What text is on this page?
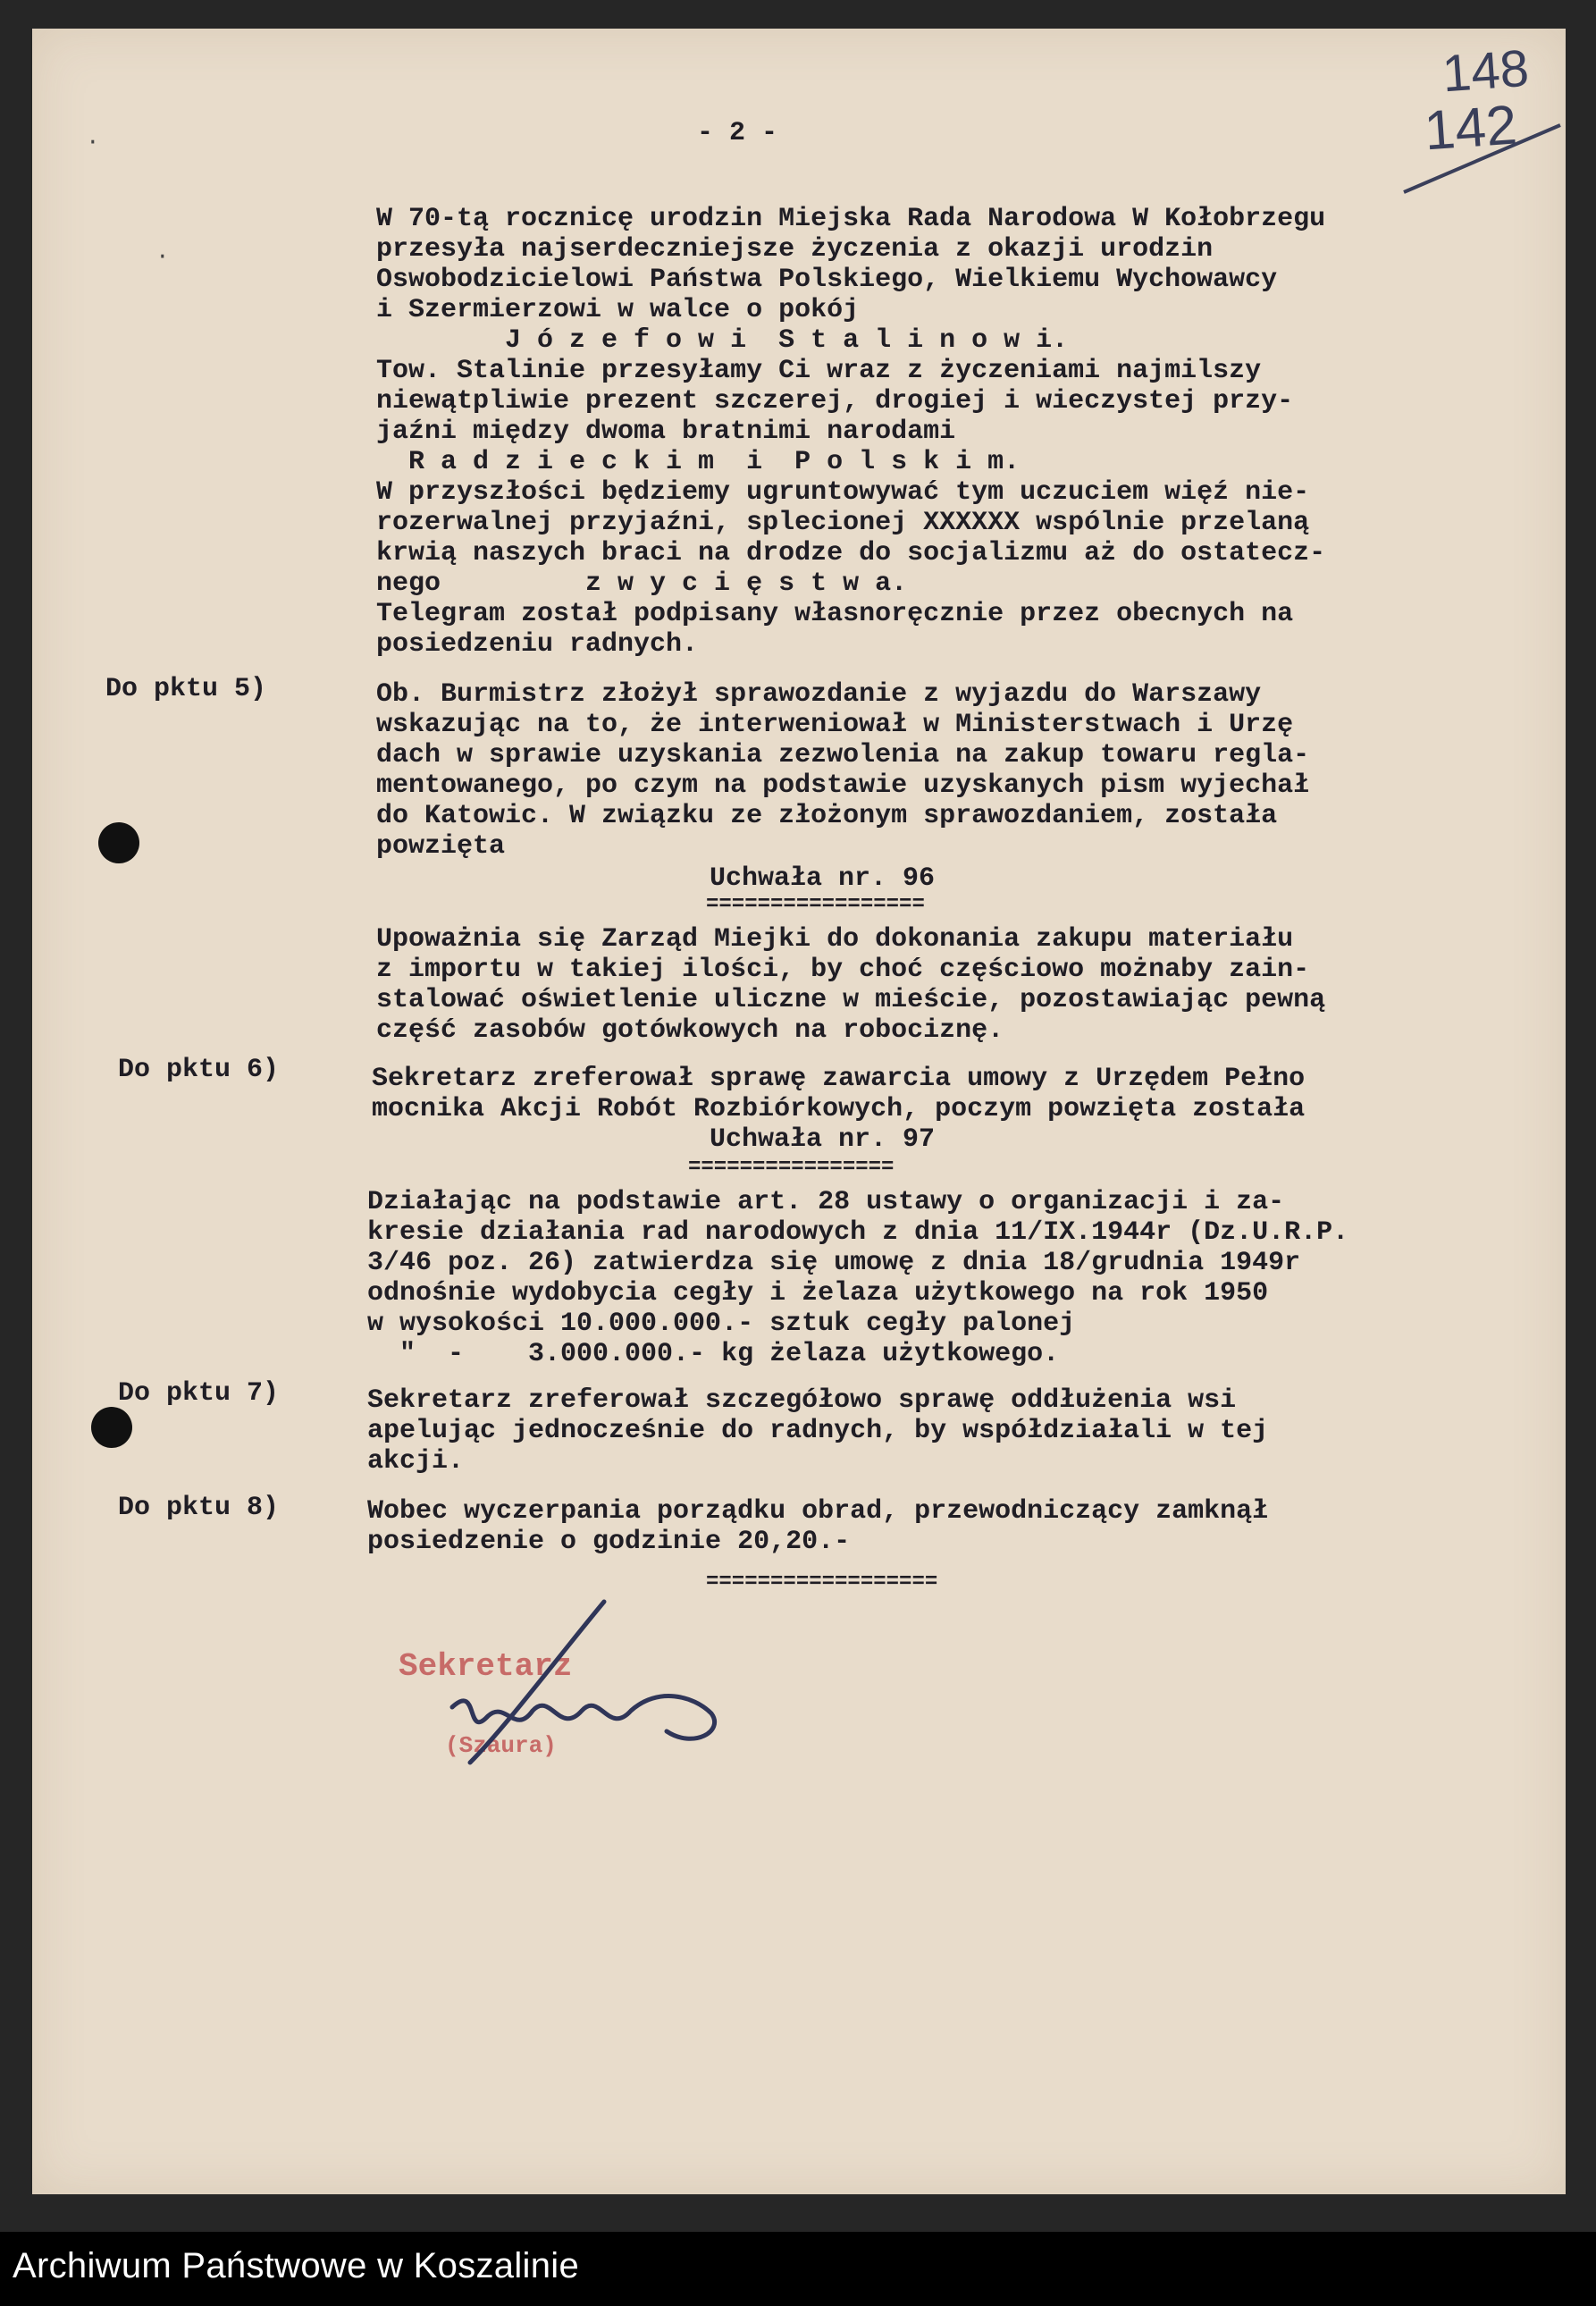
148
142
- 2 -
W 70-tą rocznicę urodzin Miejska Rada Narodowa W Kołobrzegu
przesyła najserdeczniejsze życzenia z okazji urodzin
Oswobodzicielowi Państwa Polskiego, Wielkiemu Wychowawcy
i Szermierzowi w walce o pokój
J ó z e f o w i  S t a l i n o w i.
Tow. Stalinie przesyłamy Ci wraz z życzeniami najmilszy
niewątpliwie prezent szczerej, drogiej i wieczystej przy-
jaźni między dwoma bratnimi narodami
R a d z i e c k i m  i  P o l s k i m.
W przyszłości będziemy ugruntowywać tym uczuciem więź nie-
rozerwalnej przyjaźni, splecionej XXXXXX wspólnie przelaną
krwią naszych braci na drodze do socjalizmu aż do ostatecz-
nego         z w y c i ę s t w a.
Telegram został podpisany własnoręcznie przez obecnych na
posiedzeniu radnych.
Do pktu 5)	Ob. Burmistrz złożył sprawozdanie z wyjazdu do Warszawy
wskazując na to, że interweniował w Ministerstwach i Urzę
dach w sprawie uzyskania zezwolenia na zakup towaru regla-
mentowanego, po czym na podstawie uzyskanych pism wyjechał
do Katowic. W związku ze złożonym sprawozdaniem, została
powzięta
Uchwała nr. 96
=================
Upoważnia się Zarząd Miejki do dokonania zakupu materiału
z importu w takiej ilości, by choć częściowo możnaby zain-
stalować oświetlenie uliczne w mieście, pozostawiając pewną
część zasobów gotówkowych na robociznę.
Do pktu 6)	Sekretarz zreferował sprawę zawarcia umowy z Urzędem Pełno
mocnika Akcji Robót Rozbiórkowych, poczym powzięta została
Uchwała nr. 97
================
Działając na podstawie art. 28 ustawy o organizacji i za-
kresie działania rad narodowych z dnia 11/IX.1944r (Dz.U.R.P.
3/46 poz. 26) zatwierdza się umowę z dnia 18/grudnia 1949r
odnośnie wydobycia cegły i żelaza użytkowego na rok 1950
w wysokości 10.000.000.- sztuk cegły palonej
"  -    3.000.000.- kg żelaza użytkowego.
Do pktu 7)	Sekretarz zreferował szczegółowo sprawę oddłużenia wsi
apelując jednocześnie do radnych, by współdziałali w tej
akcji.
Do pktu 8)	Wobec wyczerpania porządku obrad, przewodniczący zamknął
posiedzenie o godzinie 20,20.-
==================
Sekretarz
(Szaura)
·
·
Archiwum Państwowe w Koszalinie
